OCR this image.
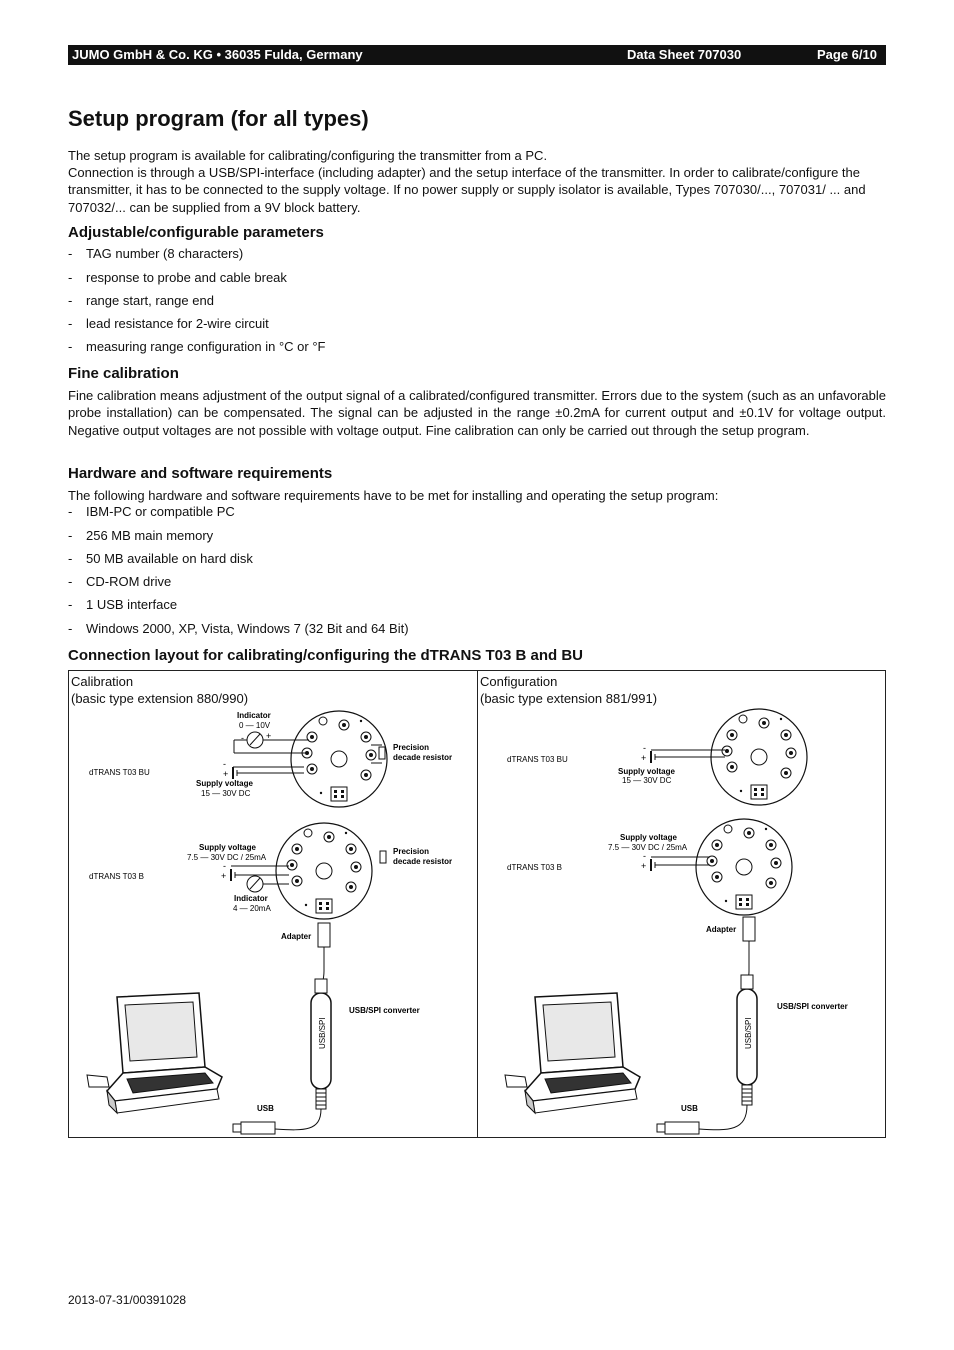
JUMO GmbH & Co. KG • 36035 Fulda, Germany	Data Sheet 707030	Page 6/10
Setup program (for all types)

The setup program is available for calibrating/configuring the transmitter from a PC.

Connection is through a USB/SPI-interface (including adapter) and the setup interface of the transmitter. In order to calibrate/configure the transmitter, it has to be connected to the supply voltage. If no power supply or supply isolator is available, Types 707030/..., 707031/ ... and 707032/... can be supplied from a 9V block battery.

Adjustable/configurable parameters
- TAG number (8 characters)
- response to probe and cable break
- range start, range end
- lead resistance for 2-wire circuit
- measuring range configuration in °C or °F
Fine calibration

Fine calibration means adjustment of the output signal of a calibrated/configured transmitter. Errors due to the system (such as an unfavorable probe installation) can be compensated. The signal can be adjusted in the range ±0.2mA for current output and ±0.1V for voltage output. Negative output voltages are not possible with voltage output. Fine calibration can only be carried out through the setup program.

Hardware and software requirements

The following hardware and software requirements have to be met for installing and operating the setup program:

- IBM-PC or compatible PC
- 256 MB main memory
- 50 MB available on hard disk
- CD-ROM drive
- 1 USB interface
- Windows 2000, XP, Vista, Windows 7 (32 Bit and 64 Bit)
Connection layout for calibrating/configuring the dTRANS T03 B and BU
Calibration
(basic type extension 880/990)
Configuration
(basic type extension 881/991)
dTRANS T03 BU
dTRANS T03 B
- +
Indicator
0 — 10V
+
-
Supply voltage
15 — 30V DC
Precision
decade resistor
Supply voltage
7.5 — 30V DC / 25mA
+
-
Indicator
4 — 20mA
Precision
decade resistor
Adapter
USB/SPI
USB/SPI converter
USB
dTRANS T03 BU
dTRANS T03 B
+
-
Supply voltage
15 — 30V DC
Supply voltage
7.5 — 30V DC / 25mA
+
-
Adapter
USB/SPI
USB/SPI converter
USB
2013-07-31/00391028
